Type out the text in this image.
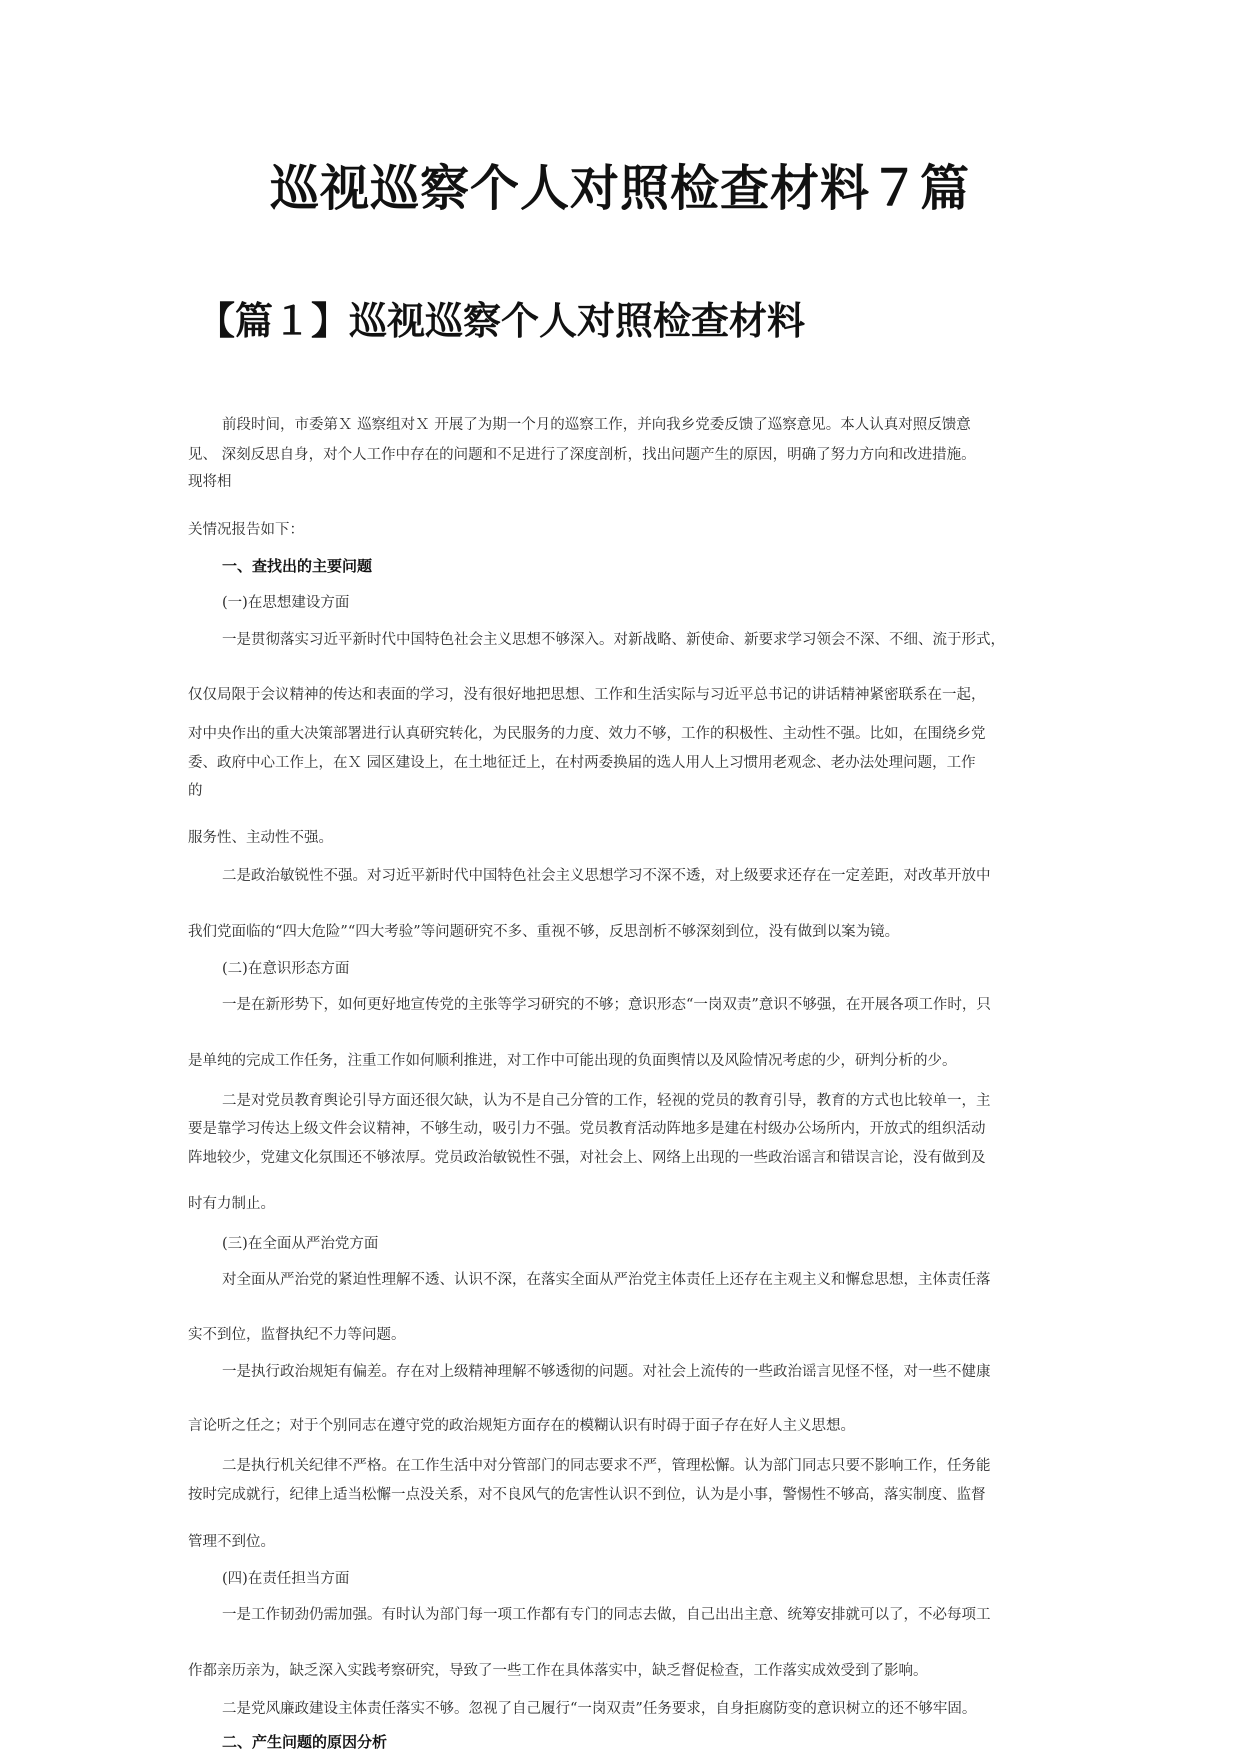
巡视巡察个人对照检查材料７篇
【篇１】巡视巡察个人对照检查材料
前段时间，市委第Ｘ 巡察组对Ｘ 开展了为期一个月的巡察工作，并向我乡党委反馈了巡察意见。本人认真对照反馈意
见、 深刻反思自身，对个人工作中存在的问题和不足进行了深度剖析，找出问题产生的原因，明确了努力方向和改进措施。
现将相
关情况报告如下：
一、查找出的主要问题
(一)在思想建设方面
一是贯彻落实习近平新时代中国特色社会主义思想不够深入。对新战略、新使命、新要求学习领会不深、不细、流于形式，
仅仅局限于会议精神的传达和表面的学习，没有很好地把思想、工作和生活实际与习近平总书记的讲话精神紧密联系在一起，
对中央作出的重大决策部署进行认真研究转化，为民服务的力度、效力不够，工作的积极性、主动性不强。比如，在围绕乡党
委、政府中心工作上，在Ｘ 园区建设上，在土地征迁上，在村两委换届的选人用人上习惯用老观念、老办法处理问题，工作
的
服务性、主动性不强。
二是政治敏锐性不强。对习近平新时代中国特色社会主义思想学习不深不透，对上级要求还存在一定差距，对改革开放中
我们党面临的“四大危险”“四大考验”等问题研究不多、重视不够，反思剖析不够深刻到位，没有做到以案为镜。
(二)在意识形态方面
一是在新形势下，如何更好地宣传党的主张等学习研究的不够；意识形态“一岗双责”意识不够强，在开展各项工作时，只
是单纯的完成工作任务，注重工作如何顺利推进，对工作中可能出现的负面舆情以及风险情况考虑的少，研判分析的少。
二是对党员教育舆论引导方面还很欠缺，认为不是自己分管的工作，轻视的党员的教育引导，教育的方式也比较单一，主
要是靠学习传达上级文件会议精神，不够生动，吸引力不强。党员教育活动阵地多是建在村级办公场所内，开放式的组织活动
阵地较少，党建文化氛围还不够浓厚。党员政治敏锐性不强，对社会上、网络上出现的一些政治谣言和错误言论，没有做到及
时有力制止。
(三)在全面从严治党方面
对全面从严治党的紧迫性理解不透、认识不深，在落实全面从严治党主体责任上还存在主观主义和懈怠思想，主体责任落
实不到位，监督执纪不力等问题。
一是执行政治规矩有偏差。存在对上级精神理解不够透彻的问题。对社会上流传的一些政治谣言见怪不怪，对一些不健康
言论听之任之；对于个别同志在遵守党的政治规矩方面存在的模糊认识有时碍于面子存在好人主义思想。
二是执行机关纪律不严格。在工作生活中对分管部门的同志要求不严，管理松懈。认为部门同志只要不影响工作，任务能
按时完成就行，纪律上适当松懈一点没关系，对不良风气的危害性认识不到位，认为是小事，警惕性不够高，落实制度、监督
管理不到位。
(四)在责任担当方面
一是工作韧劲仍需加强。有时认为部门每一项工作都有专门的同志去做，自己出出主意、统筹安排就可以了，不必每项工
作都亲历亲为，缺乏深入实践考察研究，导致了一些工作在具体落实中，缺乏督促检查，工作落实成效受到了影响。
二是党风廉政建设主体责任落实不够。忽视了自己履行“一岗双责”任务要求，自身拒腐防变的意识树立的还不够牢固。
二、产生问题的原因分析
